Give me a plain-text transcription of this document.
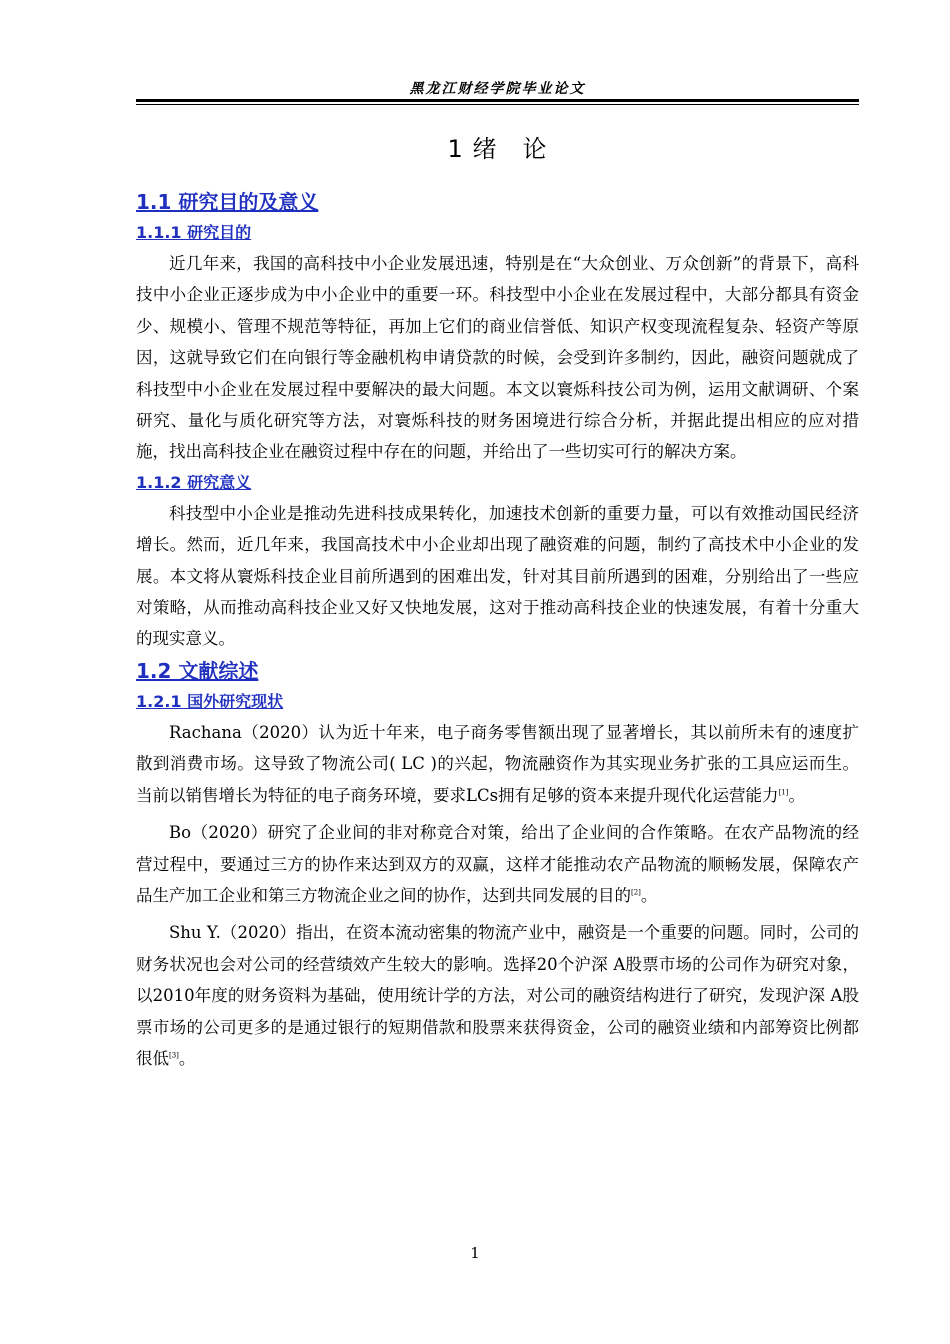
黑龙江财经学院毕业论文
1 绪　论
1.1 研究目的及意义
1.1.1 研究目的

近几年来，我国的高科技中小企业发展迅速，特别是在“大众创业、万众创新”的背景下，高科技中小企业正逐步成为中小企业中的重要一环。科技型中小企业在发展过程中，大部分都具有资金少、规模小、管理不规范等特征，再加上它们的商业信誉低、知识产权变现流程复杂、轻资产等原因，这就导致它们在向银行等金融机构申请贷款的时候，会受到许多制约，因此，融资问题就成了科技型中小企业在发展过程中要解决的最大问题。本文以寰烁科技公司为例，运用文献调研、个案研究、量化与质化研究等方法，对寰烁科技的财务困境进行综合分析，并据此提出相应的应对措施，找出高科技企业在融资过程中存在的问题，并给出了一些切实可行的解决方案。

1.1.2 研究意义

科技型中小企业是推动先进科技成果转化，加速技术创新的重要力量，可以有效推动国民经济增长。然而，近几年来，我国高技术中小企业却出现了融资难的问题，制约了高技术中小企业的发展。本文将从寰烁科技企业目前所遇到的困难出发，针对其目前所遇到的困难，分别给出了一些应对策略，从而推动高科技企业又好又快地发展，这对于推动高科技企业的快速发展，有着十分重大的现实意义。

1.2 文献综述
1.2.1 国外研究现状

Rachana（2020）认为近十年来，电子商务零售额出现了显著增长，其以前所未有的速度扩散到消费市场。这导致了物流公司( LC )的兴起，物流融资作为其实现业务扩张的工具应运而生。当前以销售增长为特征的电子商务环境，要求LCs拥有足够的资本来提升现代化运营能力[1]。

Bo（2020）研究了企业间的非对称竞合对策，给出了企业间的合作策略。在农产品物流的经营过程中，要通过三方的协作来达到双方的双赢，这样才能推动农产品物流的顺畅发展，保障农产品生产加工企业和第三方物流企业之间的协作，达到共同发展的目的[2]。

Shu Y.（2020）指出，在资本流动密集的物流产业中，融资是一个重要的问题。同时，公司的财务状况也会对公司的经营绩效产生较大的影响。选择20个沪深 A股票市场的公司作为研究对象，以2010年度的财务资料为基础，使用统计学的方法，对公司的融资结构进行了研究，发现沪深 A股票市场的公司更多的是通过银行的短期借款和股票来获得资金，公司的融资业绩和内部筹资比例都很低[3]。

1
